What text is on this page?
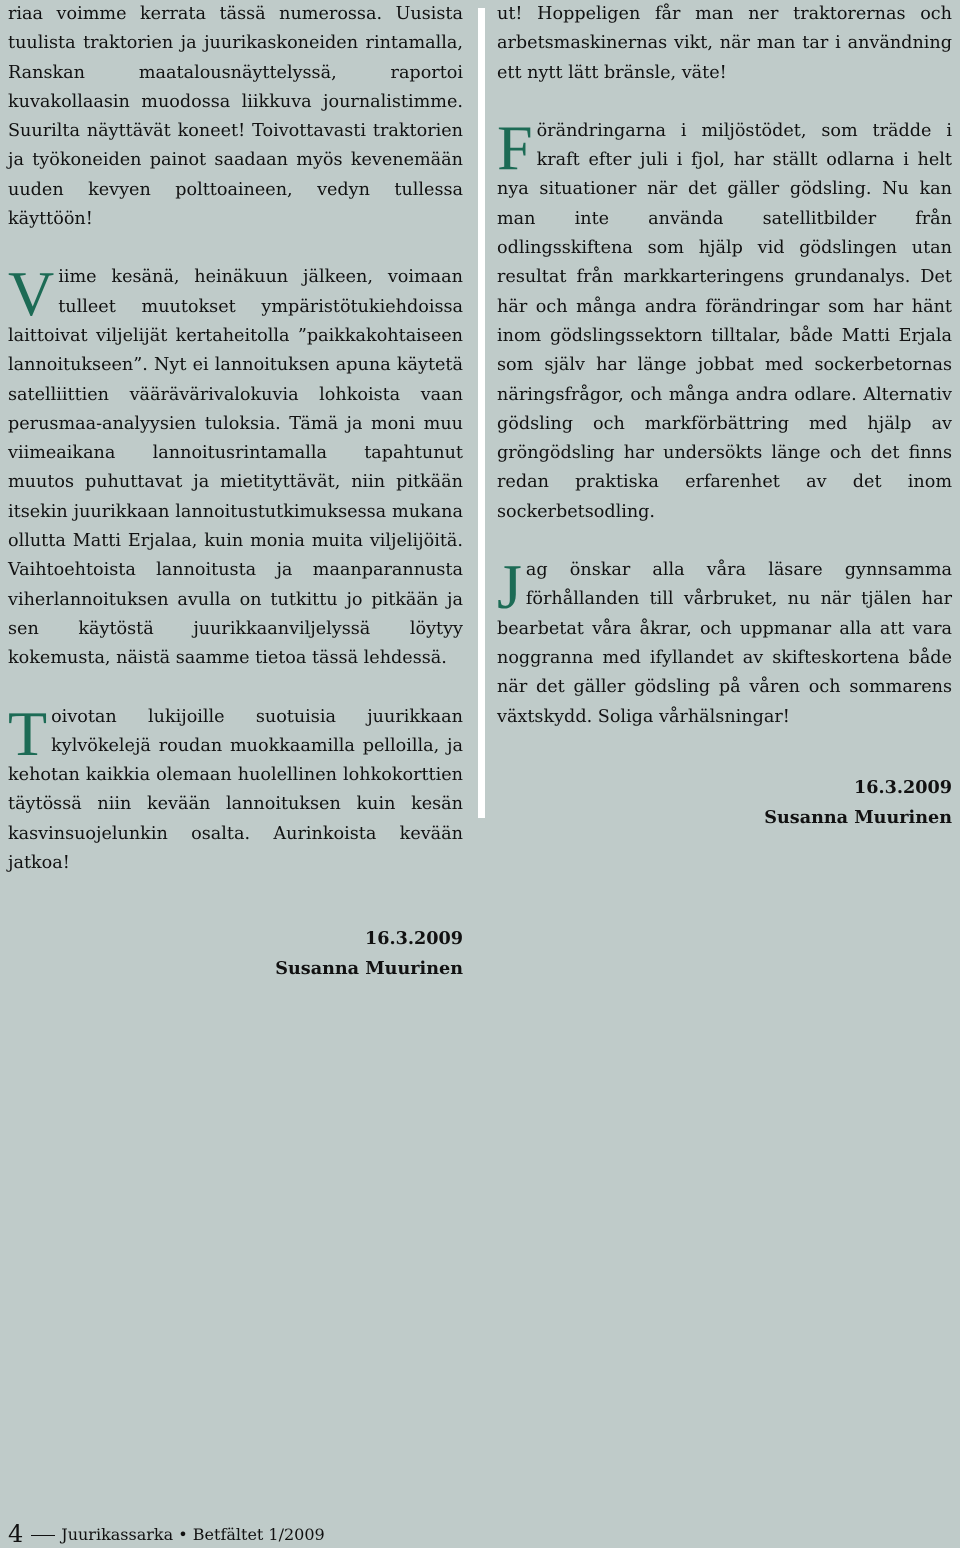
riaa voimme kerrata tässä numerossa. Uusista tuulista traktorien ja juurikaskoneiden rintamalla, Ranskan maatalousnäyttelyssä, raportoi kuvakollaasin muodossa liikkuva journalistimme. Suurilta näyttävät koneet! Toivottavasti traktorien ja työkoneiden painot saadaan myös kevenemään uuden kevyen polttoaineen, vedyn tullessa käyttöön!

Viime kesänä, heinäkuun jälkeen, voimaan tulleet muutokset ympäristötukiehdoissa laittoivat viljelijät kertaheitolla ”paikkakohtaiseen lannoitukseen”. Nyt ei lannoituksen apuna käytetä satelliittien väärävärivalokuvia lohkoista vaan perusmaa-analyysien tuloksia. Tämä ja moni muu viimeaikana lannoitusrintamalla tapahtunut muutos puhuttavat ja mietityttävät, niin pitkään itsekin juurikkaan lannoitustutkimuksessa mukana ollutta Matti Erjalaa, kuin monia muita viljelijöitä. Vaihtoehtoista lannoitusta ja maanparannusta viherlannoituksen avulla on tutkittu jo pitkään ja sen käytöstä juurikkaanviljelyssä löytyy kokemusta, näistä saamme tietoa tässä lehdessä.

Toivotan lukijoille suotuisia juurikkaan kylvökelejä roudan muokkaamilla pelloilla, ja kehotan kaikkia olemaan huolellinen lohkokorttien täytössä niin kevään lannoituksen kuin kesän kasvinsuojelunkin osalta. Aurinkoista kevään jatkoa!

16.3.2009
Susanna Muurinen

ut! Hoppeligen får man ner traktorernas och arbetsmaskinernas vikt, när man tar i användning ett nytt lätt bränsle, väte!

Förändringarna i miljöstödet, som trädde i kraft efter juli i fjol, har ställt odlarna i helt nya situationer när det gäller gödsling. Nu kan man inte använda satellitbilder från odlingsskiftena som hjälp vid gödslingen utan resultat från markkarteringens grundanalys. Det här och många andra förändringar som har hänt inom gödslingssektorn tilltalar, både Matti Erjala som själv har länge jobbat med sockerbetornas näringsfrågor, och många andra odlare. Alternativ gödsling och markförbättring med hjälp av gröngödsling har undersökts länge och det finns redan praktiska erfarenhet av det inom sockerbetsodling.

Jag önskar alla våra läsare gynnsamma förhållanden till vårbruket, nu när tjälen har bearbetat våra åkrar, och uppmanar alla att vara noggranna med ifyllandet av skifteskortena både när det gäller gödsling på våren och sommarens växtskydd. Soliga vårhälsningar!

16.3.2009
Susanna Muurinen
4 Juurikassarka • Betfältet 1/2009
